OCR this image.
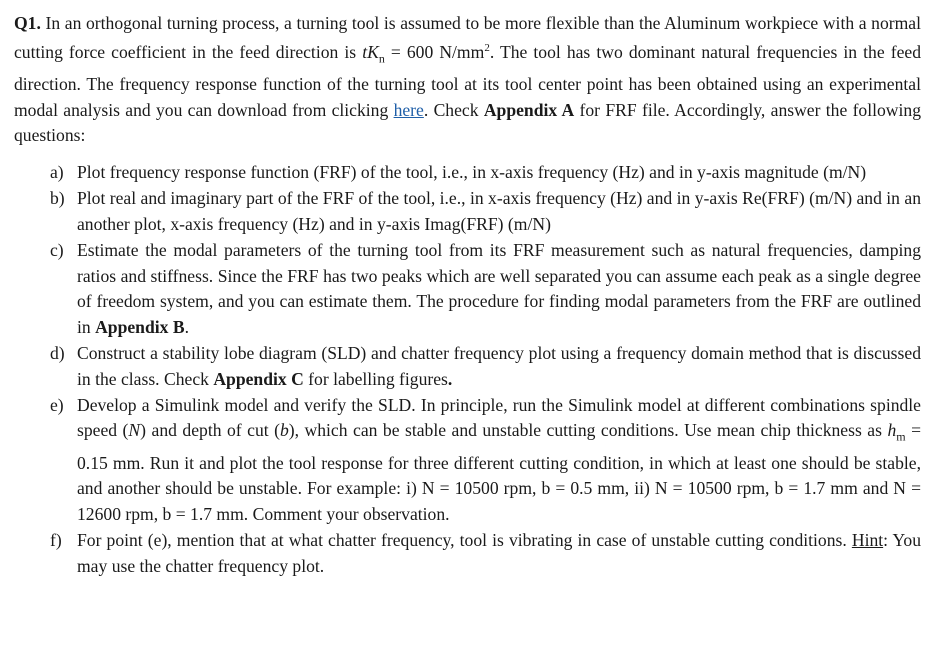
Q1. In an orthogonal turning process, a turning tool is assumed to be more flexible than the Aluminum workpiece with a normal cutting force coefficient in the feed direction is $tK_n = 600$ $N/mm^2$. The tool has two dominant natural frequencies in the feed direction. The frequency response function of the turning tool at its tool center point has been obtained using an experimental modal analysis and you can download from clicking here. Check Appendix A for FRF file. Accordingly, answer the following questions:

a) Plot frequency response function (FRF) of the tool, i.e., in x-axis frequency (Hz) and in y-axis magnitude (m/N)
b) Plot real and imaginary part of the FRF of the tool, i.e., in x-axis frequency (Hz) and in y-axis Re(FRF) (m/N) and in an another plot, x-axis frequency (Hz) and in y-axis Imag(FRF) (m/N)
c) Estimate the modal parameters of the turning tool from its FRF measurement such as natural frequencies, damping ratios and stiffness. Since the FRF has two peaks which are well separated you can assume each peak as a single degree of freedom system, and you can estimate them. The procedure for finding modal parameters from the FRF are outlined in Appendix B.
d) Construct a stability lobe diagram (SLD) and chatter frequency plot using a frequency domain method that is discussed in the class. Check Appendix C for labelling figures.
e) Develop a Simulink model and verify the SLD. In principle, run the Simulink model at different combinations spindle speed (N) and depth of cut (b), which can be stable and unstable cutting conditions. Use mean chip thickness as $h_m = 0.15$ mm. Run it and plot the tool response for three different cutting condition, in which at least one should be stable, and another should be unstable. For example: i) N = 10500 rpm, b = 0.5 mm, ii) N = 10500 rpm, b = 1.7 mm and N = 12600 rpm, b = 1.7 mm. Comment your observation.
f) For point (e), mention that at what chatter frequency, tool is vibrating in case of unstable cutting conditions. Hint: You may use the chatter frequency plot.
